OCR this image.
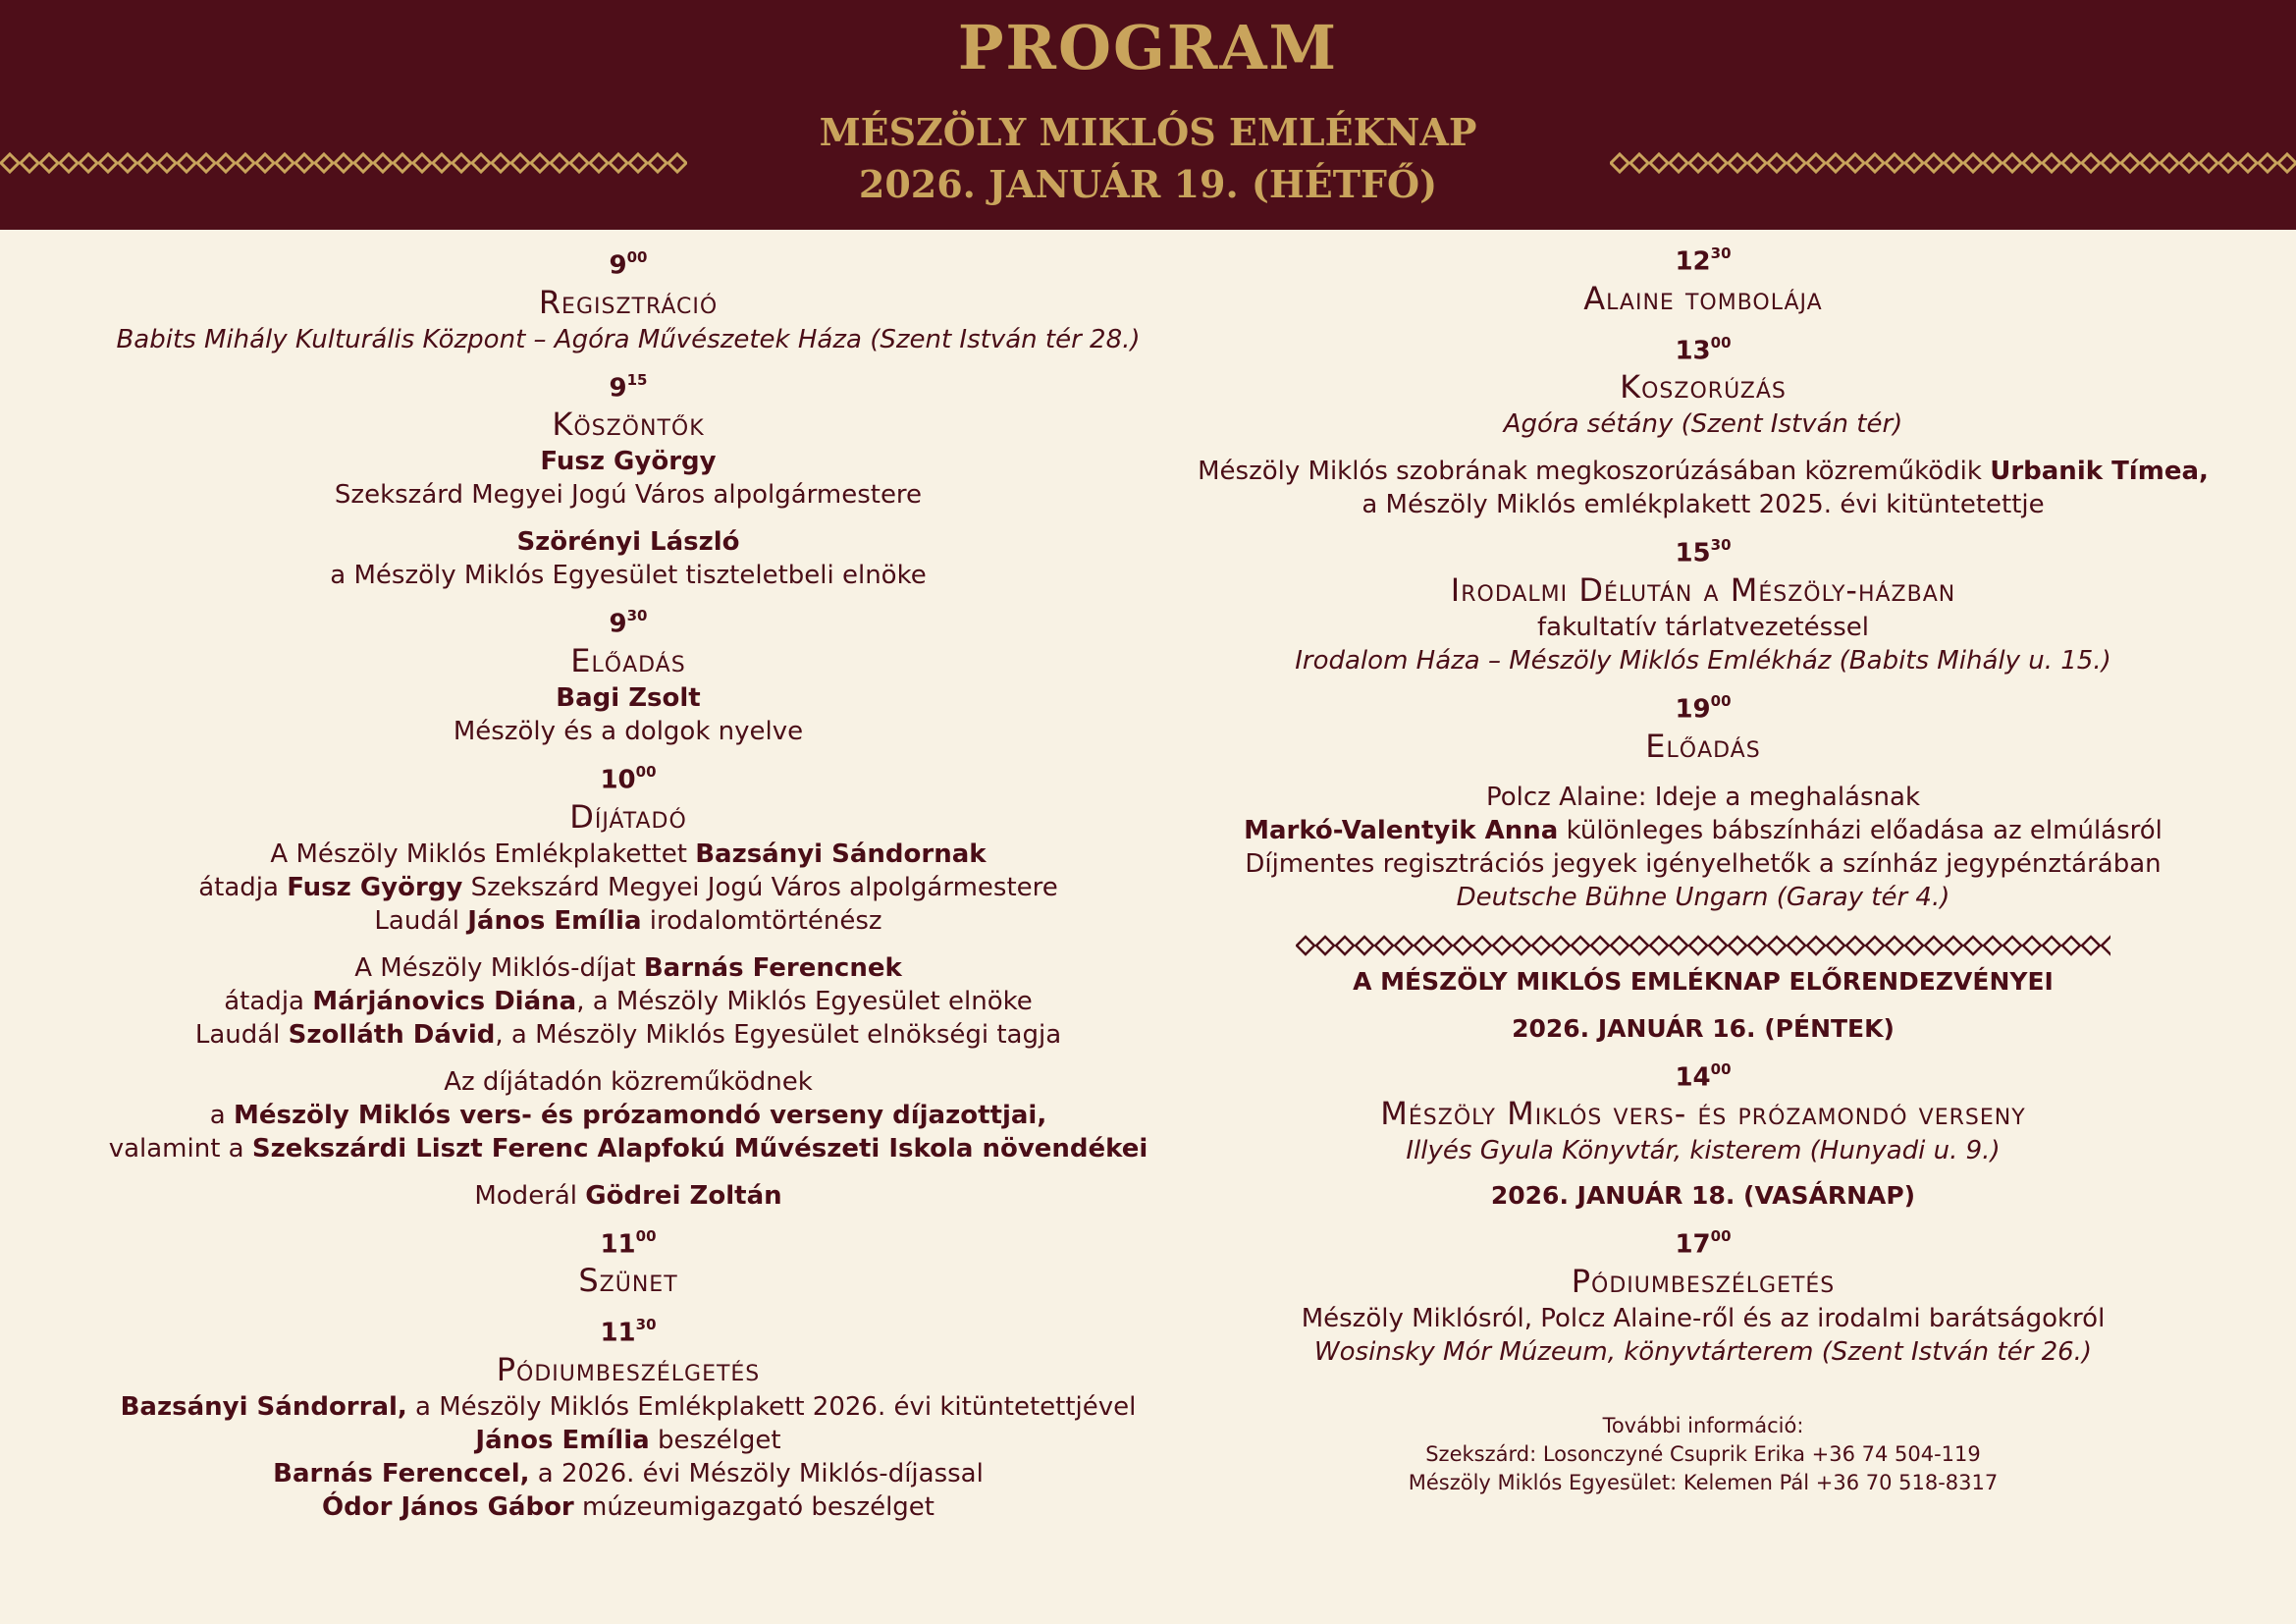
PROGRAM
MÉSZÖLY MIKLÓS EMLÉKNAP
2026. JANUÁR 19. (HÉTFŐ)
$9^{00}$
Regisztráció
Babits Mihály Kulturális Központ – Agóra Művészetek Háza (Szent István tér 28.)
$9^{15}$
Köszöntők
Fusz György
Szekszárd Megyei Jogú Város alpolgármestere
Szörényi László
a Mészöly Miklós Egyesület tiszteletbeli elnöke
$9^{30}$
Előadás
Bagi Zsolt
Mészöly és a dolgok nyelve
$10^{00}$
Díjátadó
A Mészöly Miklós Emlékplakettet Bazsányi Sándornak
átadja Fusz György Szekszárd Megyei Jogú Város alpolgármestere
Laudál János Emília irodalomtörténész
A Mészöly Miklós-díjat Barnás Ferencnek
átadja Márjánovics Diána, a Mészöly Miklós Egyesület elnöke
Laudál Szolláth Dávid, a Mészöly Miklós Egyesület elnökségi tagja
Az díjátadón közreműködnek
a Mészöly Miklós vers- és prózamondó verseny díjazottjai,
valamint a Szekszárdi Liszt Ferenc Alapfokú Művészeti Iskola növendékei
Moderál Gödrei Zoltán
$11^{00}$
Szünet
$11^{30}$
Pódiumbeszélgetés
Bazsányi Sándorral, a Mészöly Miklós Emlékplakett 2026. évi kitüntetettjével
János Emília beszélget
Barnás Ferenccel, a 2026. évi Mészöly Miklós-díjassal
Ódor János Gábor múzeumigazgató beszélget
$12^{30}$
Alaine tombolája
$13^{00}$
Koszorúzás
Agóra sétány (Szent István tér)
Mészöly Miklós szobrának megkoszorúzásában közreműködik Urbanik Tímea,
a Mészöly Miklós emlékplakett 2025. évi kitüntetettje
$15^{30}$
Irodalmi Délután a Mészöly-házban
fakultatív tárlatvezetéssel
Irodalom Háza – Mészöly Miklós Emlékház (Babits Mihály u. 15.)
$19^{00}$
Előadás
Polcz Alaine: Ideje a meghalásnak
Markó-Valentyik Anna különleges bábszínházi előadása az elmúlásról
Díjmentes regisztrációs jegyek igényelhetők a színház jegypénztárában
Deutsche Bühne Ungarn (Garay tér 4.)
A MÉSZÖLY MIKLÓS EMLÉKNAP ELŐRENDEZVÉNYEI
2026. JANUÁR 16. (PÉNTEK)
$14^{00}$
Mészöly Miklós vers- és prózamondó verseny
Illyés Gyula Könyvtár, kisterem (Hunyadi u. 9.)
2026. JANUÁR 18. (VASÁRNAP)
$17^{00}$
Pódiumbeszélgetés
Mészöly Miklósról, Polcz Alaine-ről és az irodalmi barátságokról
Wosinsky Mór Múzeum, könyvtárterem (Szent István tér 26.)
További információ:
Szekszárd: Losonczyné Csuprik Erika +36 74 504-119
Mészöly Miklós Egyesület: Kelemen Pál +36 70 518-8317
